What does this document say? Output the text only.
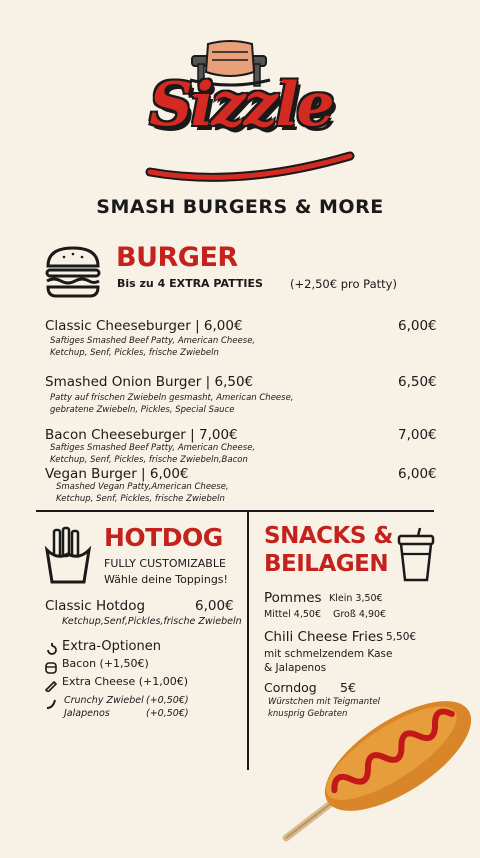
Sizzle
SMASH BURGERS & MORE
BURGER
Bis zu 4 EXTRA PATTIES (+2,50€ pro Patty)
Classic Cheeseburger | 6,00€	6,00€
Saftiges Smashed Beef Patty, American Cheese,
Ketchup, Senf, Pickles, frische Zwiebeln
Smashed Onion Burger | 6,50€	6,50€
Patty auf frischen Zwiebeln gesmasht, American Cheese,
gebratene Zwiebeln, Pickles, Special Sauce
Bacon Cheeseburger | 7,00€	7,00€
Saftiges Smashed Beef Patty, American Cheese,
Ketchup, Senf, Pickles, frische Zwiebeln,Bacon
Vegan Burger | 6,00€	6,00€
Smashed Vegan Patty,American Cheese,
Ketchup, Senf, Pickles, frische Zwiebeln
HOTDOG
FULLY CUSTOMIZABLE
Wähle deine Toppings!
Classic Hotdog	6,00€
Ketchup,Senf,Pickles,frische Zwiebeln
Extra-Optionen
Bacon (+1,50€)
Extra Cheese (+1,00€)
Crunchy Zwiebel (+0,50€)
Jalapenos	(+0,50€)
SNACKS &
BEILAGEN
Pommes Klein 3,50€
Mittel 4,50€ Groß 4,90€
Chili Cheese Fries 5,50€
mit schmelzendem Kase
& Jalapenos
Corndog 5€
Würstchen mit Teigmantel
knusprig Gebraten
